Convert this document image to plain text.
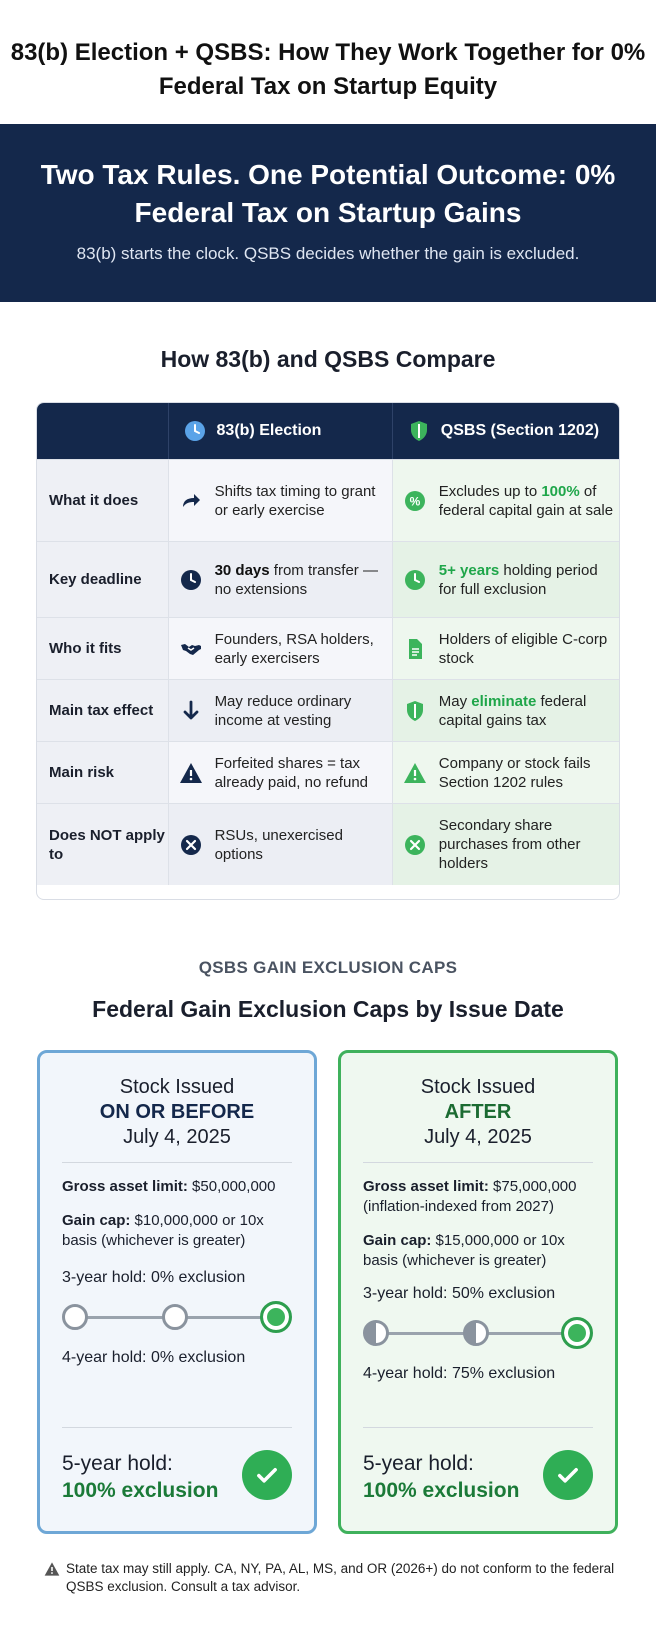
83(b) Election + QSBS: How They Work Together for 0% Federal Tax on Startup Equity
Two Tax Rules. One Potential Outcome: 0% Federal Tax on Startup Gains

83(b) starts the clock. QSBS decides whether the gain is excluded.

How 83(b) and QSBS Compare
83(b) Election	QSBS (Section 1202)
What it does
Shifts tax timing to grant or early exercise
%
Excludes up to 100% of federal capital gain at sale
Key deadline
30 days from transfer — no extensions
5+ years holding period for full exclusion
Who it fits
Founders, RSA holders, early exercisers
Holders of eligible C-corp stock
Main tax effect
May reduce ordinary income at vesting
May eliminate federal capital gains tax
Main risk
Forfeited shares = tax already paid, no refund
Company or stock fails Section 1202 rules
Does NOT apply to
RSUs, unexercised options
Secondary share purchases from other holders
QSBS GAIN EXCLUSION CAPS
Federal Gain Exclusion Caps by Issue Date
Stock Issued
ON OR BEFORE
July 4, 2025
Gross asset limit: $50,000,000
Gain cap: $10,000,000 or 10x basis (whichever is greater)
3-year hold: 0% exclusion
4-year hold: 0% exclusion
5-year hold:
100% exclusion
Stock Issued
AFTER
July 4, 2025
Gross asset limit: $75,000,000 (inflation-indexed from 2027)
Gain cap: $15,000,000 or 10x basis (whichever is greater)
3-year hold: 50% exclusion
4-year hold: 75% exclusion
5-year hold:
100% exclusion
State tax may still apply. CA, NY, PA, AL, MS, and OR (2026+) do not conform to the federal QSBS exclusion. Consult a tax advisor.
